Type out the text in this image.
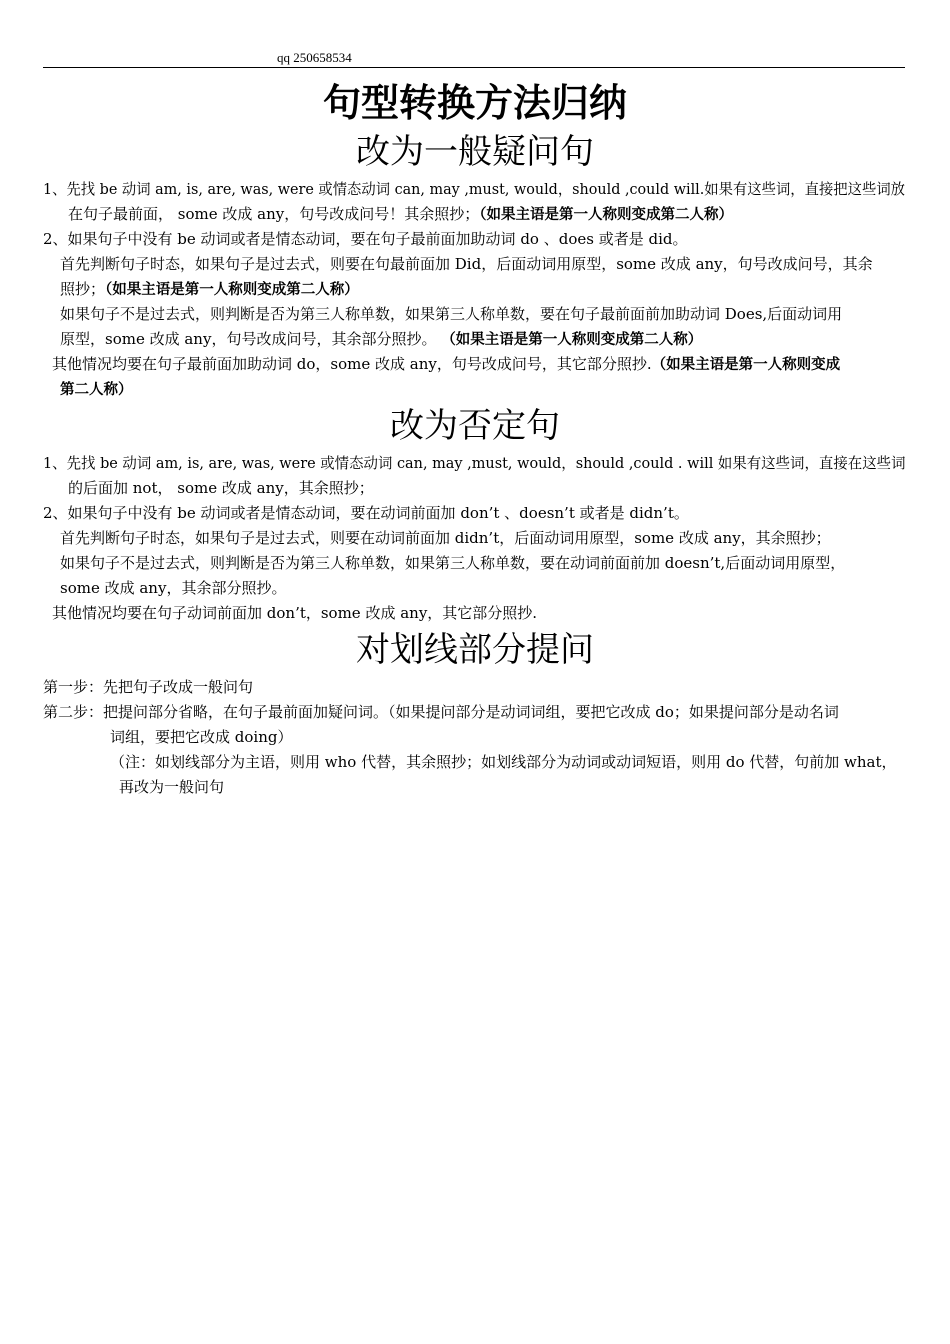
qq 250658534
句型转换方法归纳
改为一般疑问句
1、先找 be 动词 am, is, are, was, were 或情态动词 can, may ,must, would，should ,could will.如果有这些词，直接把这些词放
在句子最前面， some 改成 any，句号改成问号！其余照抄；（如果主语是第一人称则变成第二人称）
2、如果句子中没有 be 动词或者是情态动词，要在句子最前面加助动词 do 、does 或者是 did。
首先判断句子时态，如果句子是过去式，则要在句最前面加 Did，后面动词用原型，some 改成 any，句号改成问号，其余
照抄；（如果主语是第一人称则变成第二人称）
如果句子不是过去式，则判断是否为第三人称单数，如果第三人称单数，要在句子最前面前加助动词 Does,后面动词用
原型，some 改成 any，句号改成问号，其余部分照抄。 （如果主语是第一人称则变成第二人称）
其他情况均要在句子最前面加助动词 do，some 改成 any，句号改成问号，其它部分照抄.（如果主语是第一人称则变成
第二人称）
改为否定句
1、先找 be 动词 am, is, are, was, were 或情态动词 can, may ,must, would，should ,could . will 如果有这些词，直接在这些词
的后面加 not， some 改成 any，其余照抄；
2、如果句子中没有 be 动词或者是情态动词，要在动词前面加 don’t 、doesn’t 或者是 didn’t。
首先判断句子时态，如果句子是过去式，则要在动词前面加 didn’t，后面动词用原型，some 改成 any，其余照抄；
如果句子不是过去式，则判断是否为第三人称单数，如果第三人称单数，要在动词前面前加 doesn’t,后面动词用原型，
some 改成 any，其余部分照抄。
其他情况均要在句子动词前面加 don’t，some 改成 any，其它部分照抄.
对划线部分提问
第一步：先把句子改成一般问句
第二步：把提问部分省略，在句子最前面加疑问词。（如果提问部分是动词词组，要把它改成 do；如果提问部分是动名词
词组，要把它改成 doing）
（注：如划线部分为主语，则用 who 代替，其余照抄；如划线部分为动词或动词短语，则用 do 代替，句前加 what，
再改为一般问句
